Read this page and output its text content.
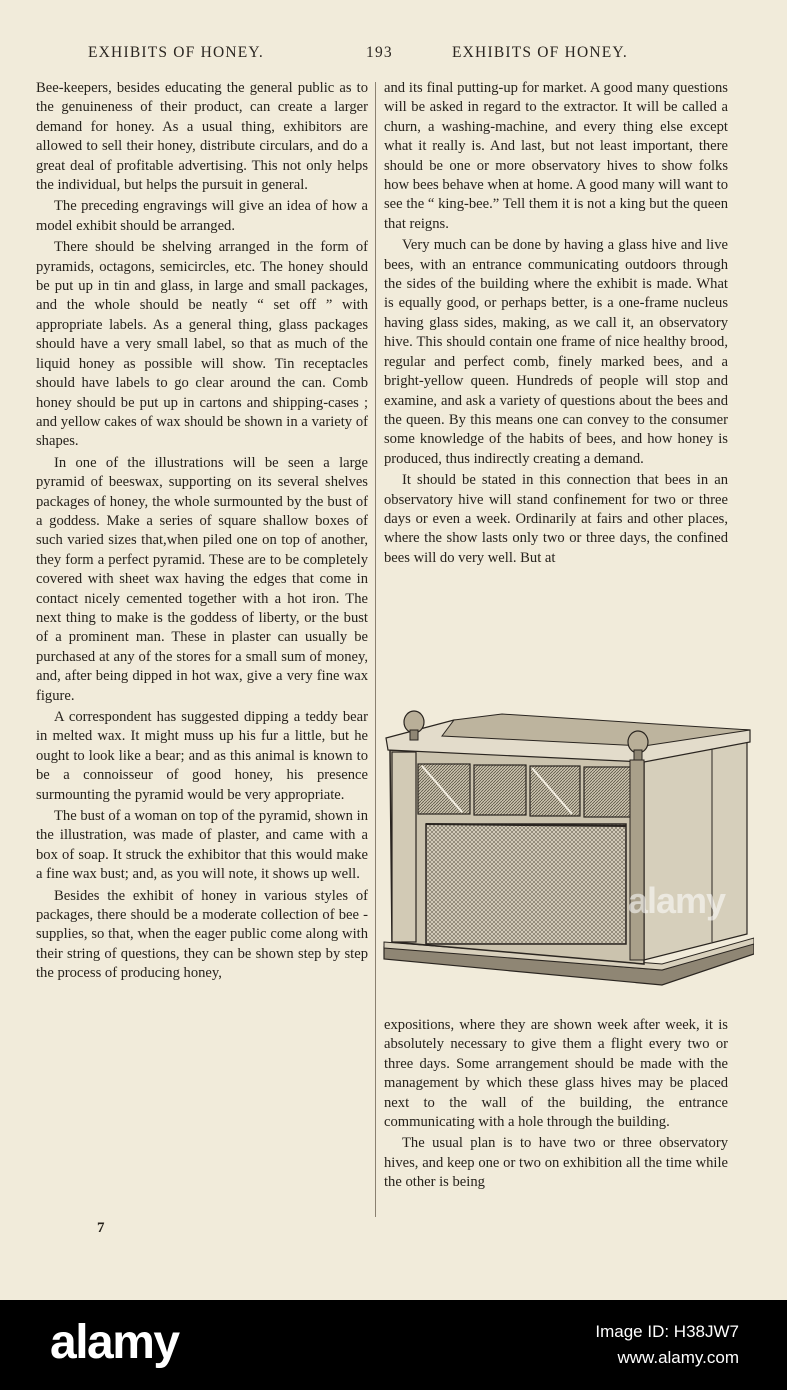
EXHIBITS OF HONEY.	193	EXHIBITS OF HONEY.

Bee-keepers, besides educating the general public as to the genuineness of their product, can create a larger demand for honey. As a usual thing, exhibitors are allowed to sell their honey, distribute circulars, and do a great deal of profitable advertising. This not only helps the individual, but helps the pursuit in general.

The preceding engravings will give an idea of how a model exhibit should be arranged.

There should be shelving arranged in the form of pyramids, octagons, semicircles, etc. The honey should be put up in tin and glass, in large and small packages, and the whole should be neatly “ set off ” with appropriate labels. As a general thing, glass packages should have a very small label, so that as much of the liquid honey as possible will show. Tin receptacles should have labels to go clear around the can. Comb honey should be put up in cartons and shipping-cases ; and yellow cakes of wax should be shown in a variety of shapes.

In one of the illustrations will be seen a large pyramid of beeswax, supporting on its several shelves packages of honey, the whole surmounted by the bust of a goddess. Make a series of square shallow boxes of such varied sizes that,when piled one on top of another, they form a perfect pyramid. These are to be completely covered with sheet wax having the edges that come in contact nicely cemented together with a hot iron. The next thing to make is the goddess of liberty, or the bust of a prominent man. These in plaster can usually be purchased at any of the stores for a small sum of money, and, after being dipped in hot wax, give a very fine wax figure.

A correspondent has suggested dipping a teddy bear in melted wax. It might muss up his fur a little, but he ought to look like a bear; and as this animal is known to be a connoisseur of good honey, his presence surmounting the pyramid would be very appropriate.

The bust of a woman on top of the pyramid, shown in the illustration, was made of plaster, and came with a box of soap. It struck the exhibitor that this would make a fine wax bust; and, as you will note, it shows up well.

Besides the exhibit of honey in various styles of packages, there should be a moderate collection of bee - supplies, so that, when the eager public come along with their string of questions, they can be shown step by step the process of producing honey,

7

and its final putting-up for market. A good many questions will be asked in regard to the extractor. It will be called a churn, a washing-machine, and every thing else except what it really is. And last, but not least important, there should be one or more observatory hives to show folks how bees behave when at home. A good many will want to see the “ king-bee.” Tell them it is not a king but the queen that reigns.

Very much can be done by having a glass hive and live bees, with an entrance communicating outdoors through the sides of the building where the exhibit is made. What is equally good, or perhaps better, is a one-frame nucleus having glass sides, making, as we call it, an observatory hive. This should contain one frame of nice healthy brood, regular and perfect comb, finely marked bees, and a bright-yellow queen. Hundreds of people will stop and examine, and ask a variety of questions about the bees and the queen. By this means one can convey to the consumer some knowledge of the habits of bees, and how honey is produced, thus indirectly creating a demand.

It should be stated in this connection that bees in an observatory hive will stand confinement for two or three days or even a week. Ordinarily at fairs and other places, where the show lasts only two or three days, the confined bees will do very well. But at

alamy

expositions, where they are shown week after week, it is absolutely necessary to give them a flight every two or three days. Some arrangement should be made with the management by which these glass hives may be placed next to the wall of the building, the entrance communicating with a hole through the building.

The usual plan is to have two or three observatory hives, and keep one or two on exhibition all the time while the other is being

alamy	Image ID: H38JW7
www.alamy.com
